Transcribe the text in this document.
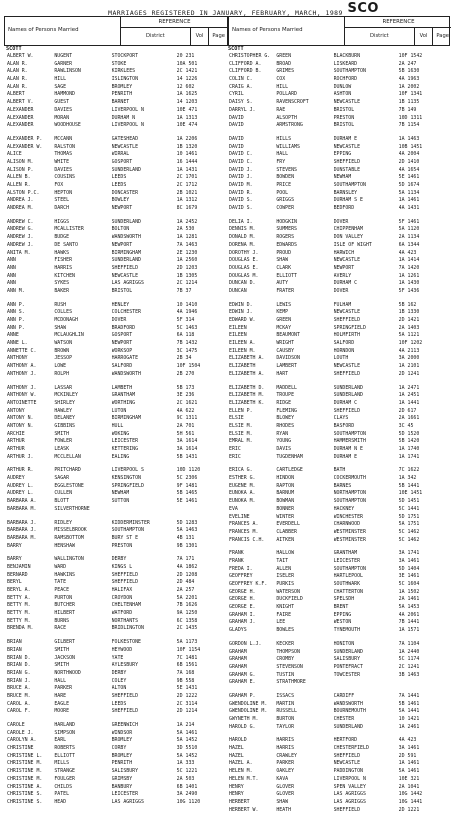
SCO
MARRIAGES REGISTERED IN JANUARY, FEBRUARY, MARCH, 1989
Names of Persons Married
REFERENCE
District	Vol	Page
Names of Persons Married
REFERENCE
District	Vol	Page
SCOTT
ALBERT W.	NUGENT	STOCKPORT	20 231
ALAN R.	GARNER	STOKE	10A 501
ALAN R.	RAWLINSON	KIRKLEES	2C 1421
ALAN R.	HILL	ISLINGTON	14 1226
ALAN R.	SAGE	BROMLEY	12 602
ALBERT	HAMMOND	PENRITH	1A 1625
ALBERT V.	GUEST	BARNET	14 1203
ALEXANDER	DAVIES	LIVERPOOL N	10E 471
ALEXANDER	MORAN	DURHAM N	1A 1313
ALEXANDER	WOODHOUSE	LIVERPOOL N	10E 474
ALEXANDER P.	MCCANN	GATESHEAD	1A 2206
ALEXANDER W.	RALSTON	NEWCASTLE	1B 1320
ALICE	THOMAS	WIRRAL	10 1461
ALISON M.	WHITE	GOSPORT	16 1444
ALISON P.	DAVIES	SUNDERLAND	1A 1431
ALLEN B.	COUSINS	LEEDS	2C 1701
ALLEN R.	FOX	LEEDS	2C 1712
ALSTON P.C.	HEPTON	DONCASTER	2B 1021
ANDREA J.	STEEL	BOWLEY	1A 1312
ANDREA M.	DARCH	NEWPORT	8C 1679
ANDREW C.	HIGGS	SUNDERLAND	1A 2452
ANDREW G.	MCALLISTER	BOLTON	2A 530
ANDREW J.	BUDGE	WANDSWORTH	1A 1281
ANDREW J.	DE SANTO	NEWPORT	7A 1463
ANITA M.	HAWKS	BIRMINGHAM	2E 1230
ANN	FISHER	SUNDERLAND	1A 2560
ANN	HARRIS	SHEFFIELD	2D 1203
ANN	KITCHEN	NEWCASTLE	1B 1305
ANN	SYKES	LAS AGRIGGS	2C 1214
ANN M.	BAKER	BRISTOL	7B 37
ANN P.	RUSH	HENLEY	10 1410
ANN S.	COLLES	COLCHESTER	4A 1946
ANN P.	MCDONAGH	DOVER	5F 314
ANN P.	SHAW	BRADFORD	5C 1463
ANNE	MCLAUGHLIN	GOSPORT	6A 118
ANNE L.	WATSON	NEWPORT	7B 1432
ANNETTE C.	BROWN	WORKSOP	3C 1475
ANTHONY	JESSOP	HARROGATE	2B 34
ANTHONY A.	LOWE	SALFORD	10F 1504
ANTHONY J.	ROLPH	WANDSWORTH	2B 270
ANTHONY J.	LASSAR	LAMBETH	5B 173
ANTHONY W.	MCKINLEY	GRANTHAM	3E 236
ANTOINETTE	SHIRLEY	WORTHING	2C 1621
ANTONY	HAWLEY	LUTON	4A 622
ANTONY N.	DELANEY	BIRMINGHAM	9C 1311
ANTONY N.	GIBBINS	HULL	2A 701
ARCHIE	SMITH	WOKING	5H 561
ARTHUR	FOWLER	LEICESTER	3A 1614
ARTHUR	LEASK	KETTERING	3A 1614
ARTHUR J.	MCCLELLAN	EALING	5B 1431
ARTHUR R.	PRITCHARD	LIVERPOOL S	10D 1120
AUDREY	SAGAR	KENSINGTON	5C 2306
AUDREY L.	EGGLESTONE	SPRINGFIELD	9F 1481
AUDREY L.	CULLEN	NEWHAM	5B 1465
BARBARA A.	BLOTT	SUTTON	5E 1461
BARBARA M.	SILVERTHORNE
BARBARA J.	RIDLEY	KIDDERMINSTER	5D 1283
BARBARA J.	MISSELBROOK	SOUTHAMPTON	5A 1463
BARBARA M.	RAMSBOTTOM	BURY ST E	4B 131
BARRY	HENSHAW	PRESTON	9B 1301
BARRY	WALLINGTON	DERBY	7A 171
BENJAMIN	WARD	KINGS L	4A 1862
BERNARD	HAWKINS	SHEFFIELD	2D 1208
BERYL	TATE	SHEFFIELD	2D 484
BERYL A.	PEACE	HALIFAX	2A 257
BETTY A.	PURTON	CROYDON	5A 2201
BETTY M.	BUTCHER	CHELTENHAM	7B 1626
BETTY M.	HILBERT	WATFORD	9A 1250
BETTY M.	BURNS	NORTHANTS	6C 1358
BRENDA M.	RACE	BRIDLINGTON	2C 1435
BRIAN	GILBERT	FOLKESTONE	5A 1173
BRIAN	SMITH	HEYWOOD	10F 1154
BRIAN D.	JACKSON	YATE	7C 1481
BRIAN D.	SMITH	AYLESBURY	6B 1561
BRIAN G.	NORTHWOOD	DERBY	7A 168
BRIAN J.	HALL	COLEY	9B 558
BRUCE A.	PARKER	ALTON	5E 1431
BRUCE M.	HARE	SHEFFIELD	2D 1222
CAROL A.	EAGLE	LEEDS	2C 3114
CAROL F.	MOORE	SHEFFIELD	2D 1214
CAROLE	HARLAND	GREENWICH	1A 214
CAROLE J.	SIMPSON	WINDSOR	5A 1461
CAROLYN A.	EARL	BROMLEY	5A 1452
CHRISTINE	ROBERTS	CORBY	3D 5510
CHRISTINE L.	ELLIOTT	BROMLEY	5A 1452
CHRISTINE M.	MILLS	PENRITH	1A 333
CHRISTINE M.	STRANGE	SALISBURY	5C 1221
CHRISTINE M.	FOULGER	GRIMSBY	2A 503
CHRISTINE A.	CHILDS	BANBURY	6B 1401
CHRISTINE S.	PATEL	LEICESTER	3A 2490
CHRISTINE S.	HEAD	LAS AGRIGGS	10G 1120
SCOTT
CHRISTOPHER G.	GREEN	BLACKBURN	10F 1542
CLIFFORD A.	BROAD	LISKEARD	2A 247
CLIFFORD B.	GRIMES	SOUTHAMPTON	5B 1630
COLIN C.	COX	ROCHFORD	4A 1963
CRAIG A.	HILL	DUNLOW	1A 2002
CYRIL	POLLARD	ASHTON	10F 1341
DAISY S.	RAVENSCROFT	NEWCASTLE	1B 1135
DARRYL J.	RAE	BRISTOL	7B 149
DAVID	ALSOPTH	PRESTON	10D 1311
DAVID	ARMSTRONG	BRISTOL	7B 1154
DAVID	HILLS	DURHAM E	1A 1463
DAVID	WILLIAMS	NEWCASTLE	10B 1451
DAVID C.	HALL	EPPING	4A 2004
DAVID C.	FRY	SHEFFIELD	2D 1410
DAVID J.	STEVENS	DUNSTABLE	4A 1654
DAVID J.	BOWDEN	NEWHAM	5E 1461
DAVID M.	PRICE	SOUTHAMPTON	5D 1674
DAVID R.	POOL	BARNSLEY	5A 1134
DAVID S.	GRIGGS	DURHAM S E	1A 1461
DAVID S.	COWPER	BEDFORD	4A 1431
DELIA I.	HODGKIN	DOVER	5F 1461
DENNIS M.	SUMMERS	CHIPPENHAM	5A 1120
DONALD M.	ROGERS	DON VALLEY	2A 1134
DORENA M.	EDWARDS	ISLE OF WIGHT	6A 1344
DOROTHY J.	PROUD	HARWICH	4A 423
DOUGLAS E.	SHAW	NEWCASTLE	1A 1414
DOUGLAS E.	CLARK	NEWPORT	7A 1420
DOUGLAS M.	ELLIOTT	AVERLY	1A 1261
DUNCAN D.	AUTY	DURHAM C	1A 1430
DUNCAN	FRATER	DOVER	5F 1436
EDWIN D.	LEWIS	FULHAM	5B 162
EDWIN J.	KEMP	NEWCASTLE	1B 1330
EDWARD W.	GREEN	SHEFFIELD	2D 1421
EILEEN	MCKAY	SPRINGFIELD	2A 1403
EILEEN	BEAUMONT	HOLMFIRTH	5A 1121
EILEEN A.	WRIGHT	SALFORD	10F 1202
EILEEN M.	CAUSBY	HORNDON	4A 2113
ELIZABETH A.	DAVIDSON	LOUTH	3A 2000
ELIZABETH	LAMBERT	NEWCASTLE	1A 2101
ELIZABETH A.	HART	SHEFFIELD	2D 1241
ELIZABETH D.	MADDELL	SUNDERLAND	1A 2471
ELIZABETH M.	TROUPE	SUNDERLAND	1A 2451
ELIZABETH K.	RIDGE	DURHAM C	1A 1441
ELLEN P.	FLEMING	SHEFFIELD	2D 617
ELSIE	BLOWEY	CLAYS	2A 1661
ELSIE M.	RHODES	BASFORD	3C 45
ELSIE M.	RYAN	SOUTHAMPTON	5D 1520
EMRAL M.	YOUNG	HAMMERSMITH	5B 1420
ERIC	DAVIS	DURHAM N E	1A 1740
ERIC	TUGDENHAM	DURHAM E	1A 1741
ERICA G.	CARTLEDGE	BATH	7C 1622
ESTHER G.	HINDON	COCKERMOUTH	1A 342
EUGENE M.	RAPTON	BARNES	5B 1441
EUNOKA A.	BARNUM	NORTHAMPTON	10E 1451
EUNOKA M.	BOWMAN	SOUTHAMPTON	5D 1451
EVA	BONNER	HACKNEY	5C 1441
EVELINE	WINTER	WINCHESTER	5D 1751
FRANCES A.	EVERDELL	CHARNWOOD	5A 1751
FRANCES M.	CLABBER	WESTMINSTER	5C 1462
FRANCIS C.H.	AITKEN	WESTMINSTER	5C 1462
FRANK	HALLOW	GRANTHAM	3A 1741
FRANK	TAIT	LEICESTER	3A 1461
FREDA I.	ALLEN	SOUTHAMPTON	5D 1404
GEOFFREY	ISELER	HARTLEPOOL	3E 1461
GEOFFREY K.F.	PURKIS	SOUTHWARK	5C 1604
GEORGE H.	WATERSON	CHATTERTON	1A 1502
GEORGE H.	DUCKFIELD	SPELSDH	2A 1461
GEORGE E.	KNIGHT	BRENT	5A 1453
GRAHAM I.	FAIRE	EPPING	4A 2061
GRAHAM J.	LEE	WESTON	7B 1441
GLADYS	BOWLES	TYNEMOUTH	1A 1571
GORDON L.J.	KECKER	HONITON	7A 1104
GRAHAM	THOMPSON	SUNDERLAND	1A 2440
GRAHAM	CROMBY	SALISBURY	5C 1174
GRAHAM	STEVENSON	PONTEFRACT	2C 1241
GRAHAM G.	TUSTIN	TOWCESTER	3B 1463
GRAHAM E.	STRATHMORE
GRAHAM P.	ISSACS	CARDIFF	7A 1441
GWENDOLINE M.	MARTIN	WANDSWORTH	5B 1461
GWENDOLINE M.	RUSSELL	BOURNEMOUTH	5A 1441
GWYNETH M.	BURTON	CHESTER	10 1421
HAROLD G.	TAYLOR	SUNDERLAND	1A 2461
HAROLD	HARRIS	HERTFORD	4A 423
HAZEL	HARRIS	CHESTERFIELD	3A 1461
HAZEL	CRAWLEY	SHEFFIELD	2D 591
HAZEL A.	PARKER	NEWCASTLE	1A 1461
HELEN M.	OAKLEY	PADDINGTON	5A 1461
HELEN M.T.	KAVA	LIVERPOOL N	10E 321
HENRY	GLOVER	SPEN VALLEY	2A 1041
HENRY	GLOVER	LAS AGRIGGS	10G 1442
HERBERT	SHAW	LAS AGRIGGS	10G 1441
HERBERT W.	HEATH	SHEFFIELD	2D 1221
